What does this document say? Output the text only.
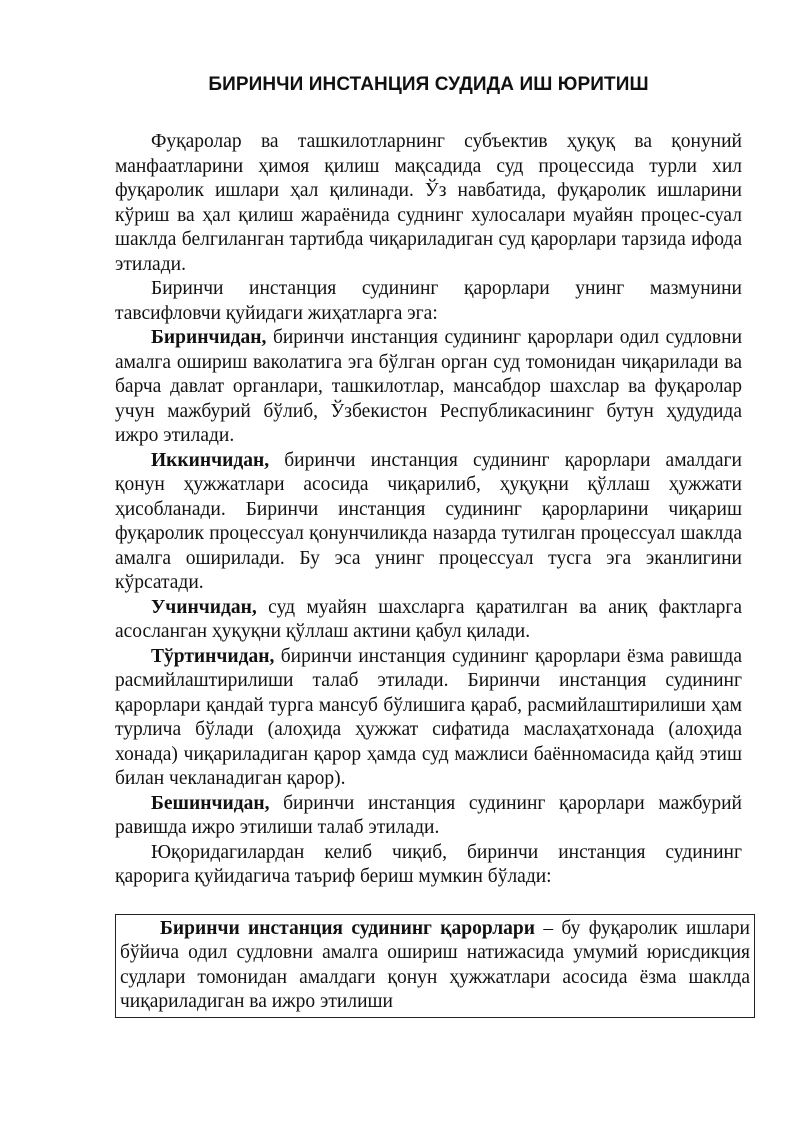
БИРИНЧИ ИНСТАНЦИЯ СУДИДА ИШ ЮРИТИШ

Фуқаролар ва ташкилотларнинг субъектив ҳуқуқ ва қонуний манфаатларини ҳимоя қилиш мақсадида суд процессида турли хил фуқаролик ишлари ҳал қилинади. Ўз навбатида, фуқаролик ишларини кўриш ва ҳал қилиш жараёнида суднинг хулосалари муайян процес-суал шаклда белгиланган тартибда чиқариладиган суд қарорлари тарзида ифода этилади.

Биринчи инстанция судининг қарорлари унинг мазмунини тавсифловчи қуйидаги жиҳатларга эга:

Биринчидан, биринчи инстанция судининг қарорлари одил судловни амалга ошириш ваколатига эга бўлган орган суд томонидан чиқарилади ва барча давлат органлари, ташкилотлар, мансабдор шахслар ва фуқаролар учун мажбурий бўлиб, Ўзбекистон Республикасининг бутун ҳудудида ижро этилади.

Иккинчидан, биринчи инстанция судининг қарорлари амалдаги қонун ҳужжатлари асосида чиқарилиб, ҳуқуқни қўллаш ҳужжати ҳисобланади. Биринчи инстанция судининг қарорларини чиқариш фуқаролик процессуал қонунчиликда назарда тутилган процессуал шаклда амалга оширилади. Бу эса унинг процессуал тусга эга эканлигини кўрсатади.

Учинчидан, суд муайян шахсларга қаратилган ва аниқ фактларга асосланган ҳуқуқни қўллаш актини қабул қилади.

Тўртинчидан, биринчи инстанция судининг қарорлари ёзма равишда расмийлаштирилиши талаб этилади. Биринчи инстанция судининг қарорлари қандай турга мансуб бўлишига қараб, расмийлаштирилиши ҳам турлича бўлади (алоҳида ҳужжат сифатида маслаҳатхонада (алоҳида хонада) чиқариладиган қарор ҳамда суд мажлиси баённомасида қайд этиш билан чекланадиган қарор).

Бешинчидан, биринчи инстанция судининг қарорлари мажбурий равишда ижро этилиши талаб этилади.

Юқоридагилардан келиб чиқиб, биринчи инстанция судининг қарорига қуйидагича таъриф бериш мумкин бўлади:

Биринчи инстанция судининг қарорлари – бу фуқаролик ишлари бўйича одил судловни амалга ошириш натижасида умумий юрисдикция судлари томонидан амалдаги қонун ҳужжатлари асосида ёзма шаклда чиқариладиган ва ижро этилиши
